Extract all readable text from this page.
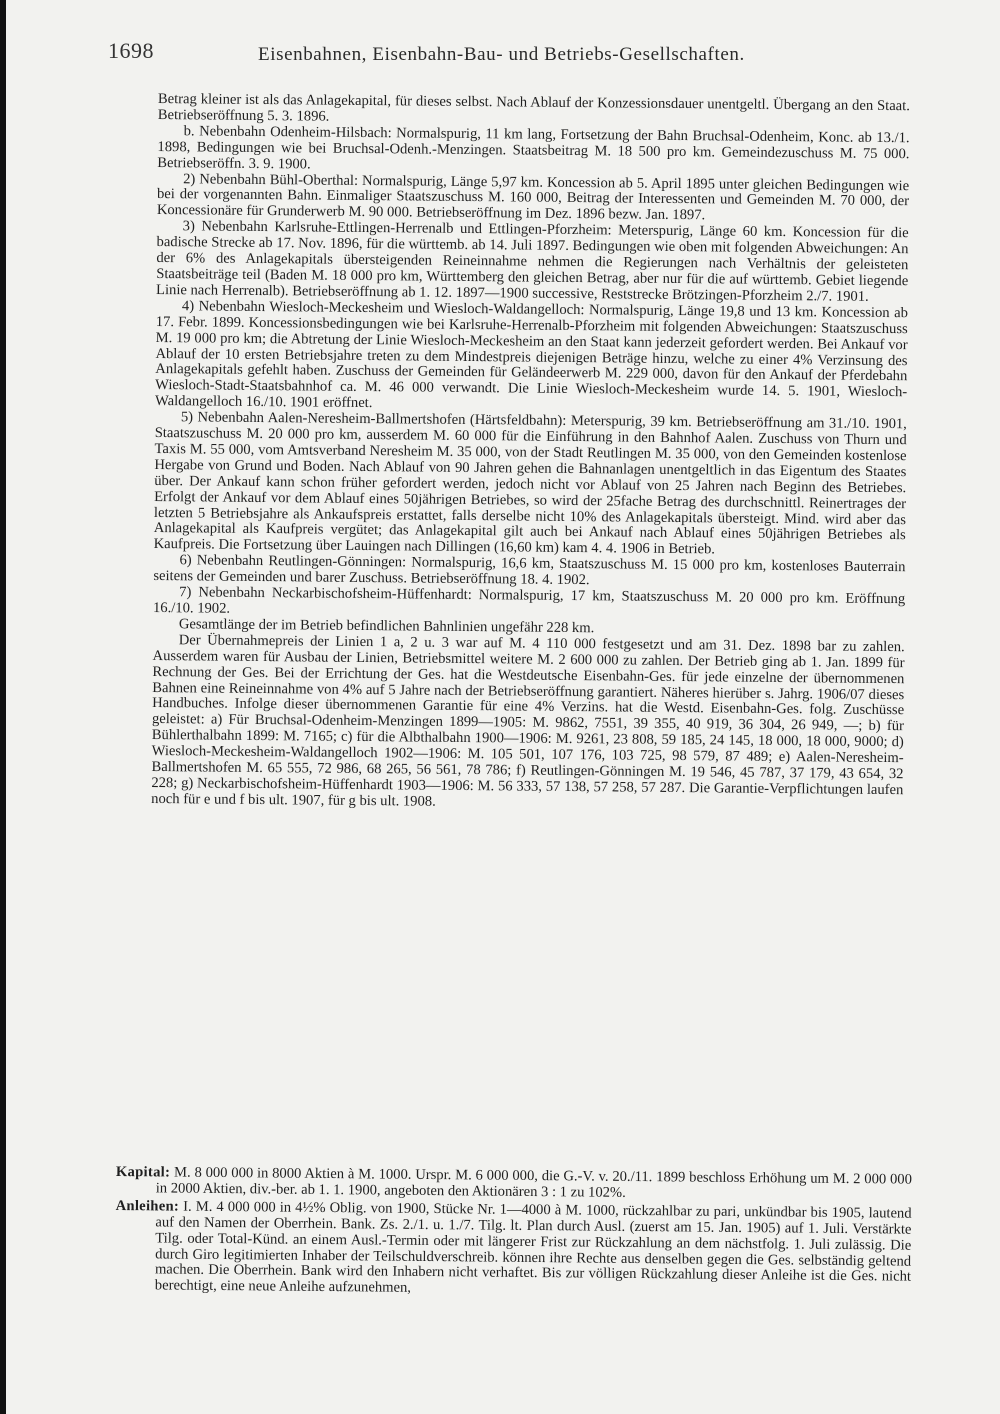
1698	Eisenbahnen, Eisenbahn-Bau- und Betriebs-Gesellschaften.

Betrag kleiner ist als das Anlagekapital, für dieses selbst. Nach Ablauf der Konzessionsdauer unentgeltl. Übergang an den Staat. Betriebseröffnung 5. 3. 1896.

b. Nebenbahn Odenheim-Hilsbach: Normalspurig, 11 km lang, Fortsetzung der Bahn Bruchsal-Odenheim, Konc. ab 13./1. 1898, Bedingungen wie bei Bruchsal-Odenh.-Menzingen. Staatsbeitrag M. 18 500 pro km. Gemeindezuschuss M. 75 000. Betriebseröffn. 3. 9. 1900.

2) Nebenbahn Bühl-Oberthal: Normalspurig, Länge 5,97 km. Koncession ab 5. April 1895 unter gleichen Bedingungen wie bei der vorgenannten Bahn. Einmaliger Staatszuschuss M. 160 000, Beitrag der Interessenten und Gemeinden M. 70 000, der Koncessionäre für Grunderwerb M. 90 000. Betriebseröffnung im Dez. 1896 bezw. Jan. 1897.

3) Nebenbahn Karlsruhe-Ettlingen-Herrenalb und Ettlingen-Pforzheim: Meterspurig, Länge 60 km. Koncession für die badische Strecke ab 17. Nov. 1896, für die württemb. ab 14. Juli 1897. Bedingungen wie oben mit folgenden Abweichungen: An der 6% des Anlagekapitals übersteigenden Reineinnahme nehmen die Regierungen nach Verhältnis der geleisteten Staatsbeiträge teil (Baden M. 18 000 pro km, Württemberg den gleichen Betrag, aber nur für die auf württemb. Gebiet liegende Linie nach Herrenalb). Betriebseröffnung ab 1. 12. 1897—1900 successive, Reststrecke Brötzingen-Pforzheim 2./7. 1901.

4) Nebenbahn Wiesloch-Meckesheim und Wiesloch-Waldangelloch: Normalspurig, Länge 19,8 und 13 km. Koncession ab 17. Febr. 1899. Koncessionsbedingungen wie bei Karlsruhe-Herrenalb-Pforzheim mit folgenden Abweichungen: Staatszuschuss M. 19 000 pro km; die Abtretung der Linie Wiesloch-Meckesheim an den Staat kann jederzeit gefordert werden. Bei Ankauf vor Ablauf der 10 ersten Betriebsjahre treten zu dem Mindestpreis diejenigen Beträge hinzu, welche zu einer 4% Verzinsung des Anlagekapitals gefehlt haben. Zuschuss der Gemeinden für Geländeerwerb M. 229 000, davon für den Ankauf der Pferdebahn Wiesloch-Stadt-Staatsbahnhof ca. M. 46 000 verwandt. Die Linie Wiesloch-Meckesheim wurde 14. 5. 1901, Wiesloch-Waldangelloch 16./10. 1901 eröffnet.

5) Nebenbahn Aalen-Neresheim-Ballmertshofen (Härtsfeldbahn): Meterspurig, 39 km. Betriebseröffnung am 31./10. 1901, Staatszuschuss M. 20 000 pro km, ausserdem M. 60 000 für die Einführung in den Bahnhof Aalen. Zuschuss von Thurn und Taxis M. 55 000, vom Amtsverband Neresheim M. 35 000, von der Stadt Reutlingen M. 35 000, von den Gemeinden kostenlose Hergabe von Grund und Boden. Nach Ablauf von 90 Jahren gehen die Bahnanlagen unentgeltlich in das Eigentum des Staates über. Der Ankauf kann schon früher gefordert werden, jedoch nicht vor Ablauf von 25 Jahren nach Beginn des Betriebes. Erfolgt der Ankauf vor dem Ablauf eines 50jährigen Betriebes, so wird der 25fache Betrag des durchschnittl. Reinertrages der letzten 5 Betriebsjahre als Ankaufspreis erstattet, falls derselbe nicht 10% des Anlagekapitals übersteigt. Mind. wird aber das Anlagekapital als Kaufpreis vergütet; das Anlagekapital gilt auch bei Ankauf nach Ablauf eines 50jährigen Betriebes als Kaufpreis. Die Fortsetzung über Lauingen nach Dillingen (16,60 km) kam 4. 4. 1906 in Betrieb.

6) Nebenbahn Reutlingen-Gönningen: Normalspurig, 16,6 km, Staatszuschuss M. 15 000 pro km, kostenloses Bauterrain seitens der Gemeinden und barer Zuschuss. Betriebseröffnung 18. 4. 1902.

7) Nebenbahn Neckarbischofsheim-Hüffenhardt: Normalspurig, 17 km, Staatszuschuss M. 20 000 pro km. Eröffnung 16./10. 1902.

Gesamtlänge der im Betrieb befindlichen Bahnlinien ungefähr 228 km.

Der Übernahmepreis der Linien 1 a, 2 u. 3 war auf M. 4 110 000 festgesetzt und am 31. Dez. 1898 bar zu zahlen. Ausserdem waren für Ausbau der Linien, Betriebsmittel weitere M. 2 600 000 zu zahlen. Der Betrieb ging ab 1. Jan. 1899 für Rechnung der Ges. Bei der Errichtung der Ges. hat die Westdeutsche Eisenbahn-Ges. für jede einzelne der übernommenen Bahnen eine Reineinnahme von 4% auf 5 Jahre nach der Betriebseröffnung garantiert. Näheres hierüber s. Jahrg. 1906/07 dieses Handbuches. Infolge dieser übernommenen Garantie für eine 4% Verzins. hat die Westd. Eisenbahn-Ges. folg. Zuschüsse geleistet: a) Für Bruchsal-Odenheim-Menzingen 1899—1905: M. 9862, 7551, 39 355, 40 919, 36 304, 26 949, —; b) für Bühlerthalbahn 1899: M. 7165; c) für die Albthalbahn 1900—1906: M. 9261, 23 808, 59 185, 24 145, 18 000, 18 000, 9000; d) Wiesloch-Meckesheim-Waldangelloch 1902—1906: M. 105 501, 107 176, 103 725, 98 579, 87 489; e) Aalen-Neresheim-Ballmertshofen M. 65 555, 72 986, 68 265, 56 561, 78 786; f) Reutlingen-Gönningen M. 19 546, 45 787, 37 179, 43 654, 32 228; g) Neckarbischofsheim-Hüffenhardt 1903—1906: M. 56 333, 57 138, 57 258, 57 287. Die Garantie-Verpflichtungen laufen noch für e und f bis ult. 1907, für g bis ult. 1908.

Kapital: M. 8 000 000 in 8000 Aktien à M. 1000. Urspr. M. 6 000 000, die G.-V. v. 20./11. 1899 beschloss Erhöhung um M. 2 000 000 in 2000 Aktien, div.-ber. ab 1. 1. 1900, angeboten den Aktionären 3 : 1 zu 102%.

Anleihen: I. M. 4 000 000 in 4½% Oblig. von 1900, Stücke Nr. 1—4000 à M. 1000, rückzahlbar zu pari, unkündbar bis 1905, lautend auf den Namen der Oberrhein. Bank. Zs. 2./1. u. 1./7. Tilg. lt. Plan durch Ausl. (zuerst am 15. Jan. 1905) auf 1. Juli. Verstärkte Tilg. oder Total-Künd. an einem Ausl.-Termin oder mit längerer Frist zur Rückzahlung an dem nächstfolg. 1. Juli zulässig. Die durch Giro legitimierten Inhaber der Teilschuldverschreib. können ihre Rechte aus denselben gegen die Ges. selbständig geltend machen. Die Oberrhein. Bank wird den Inhabern nicht verhaftet. Bis zur völligen Rückzahlung dieser Anleihe ist die Ges. nicht berechtigt, eine neue Anleihe aufzunehmen,
